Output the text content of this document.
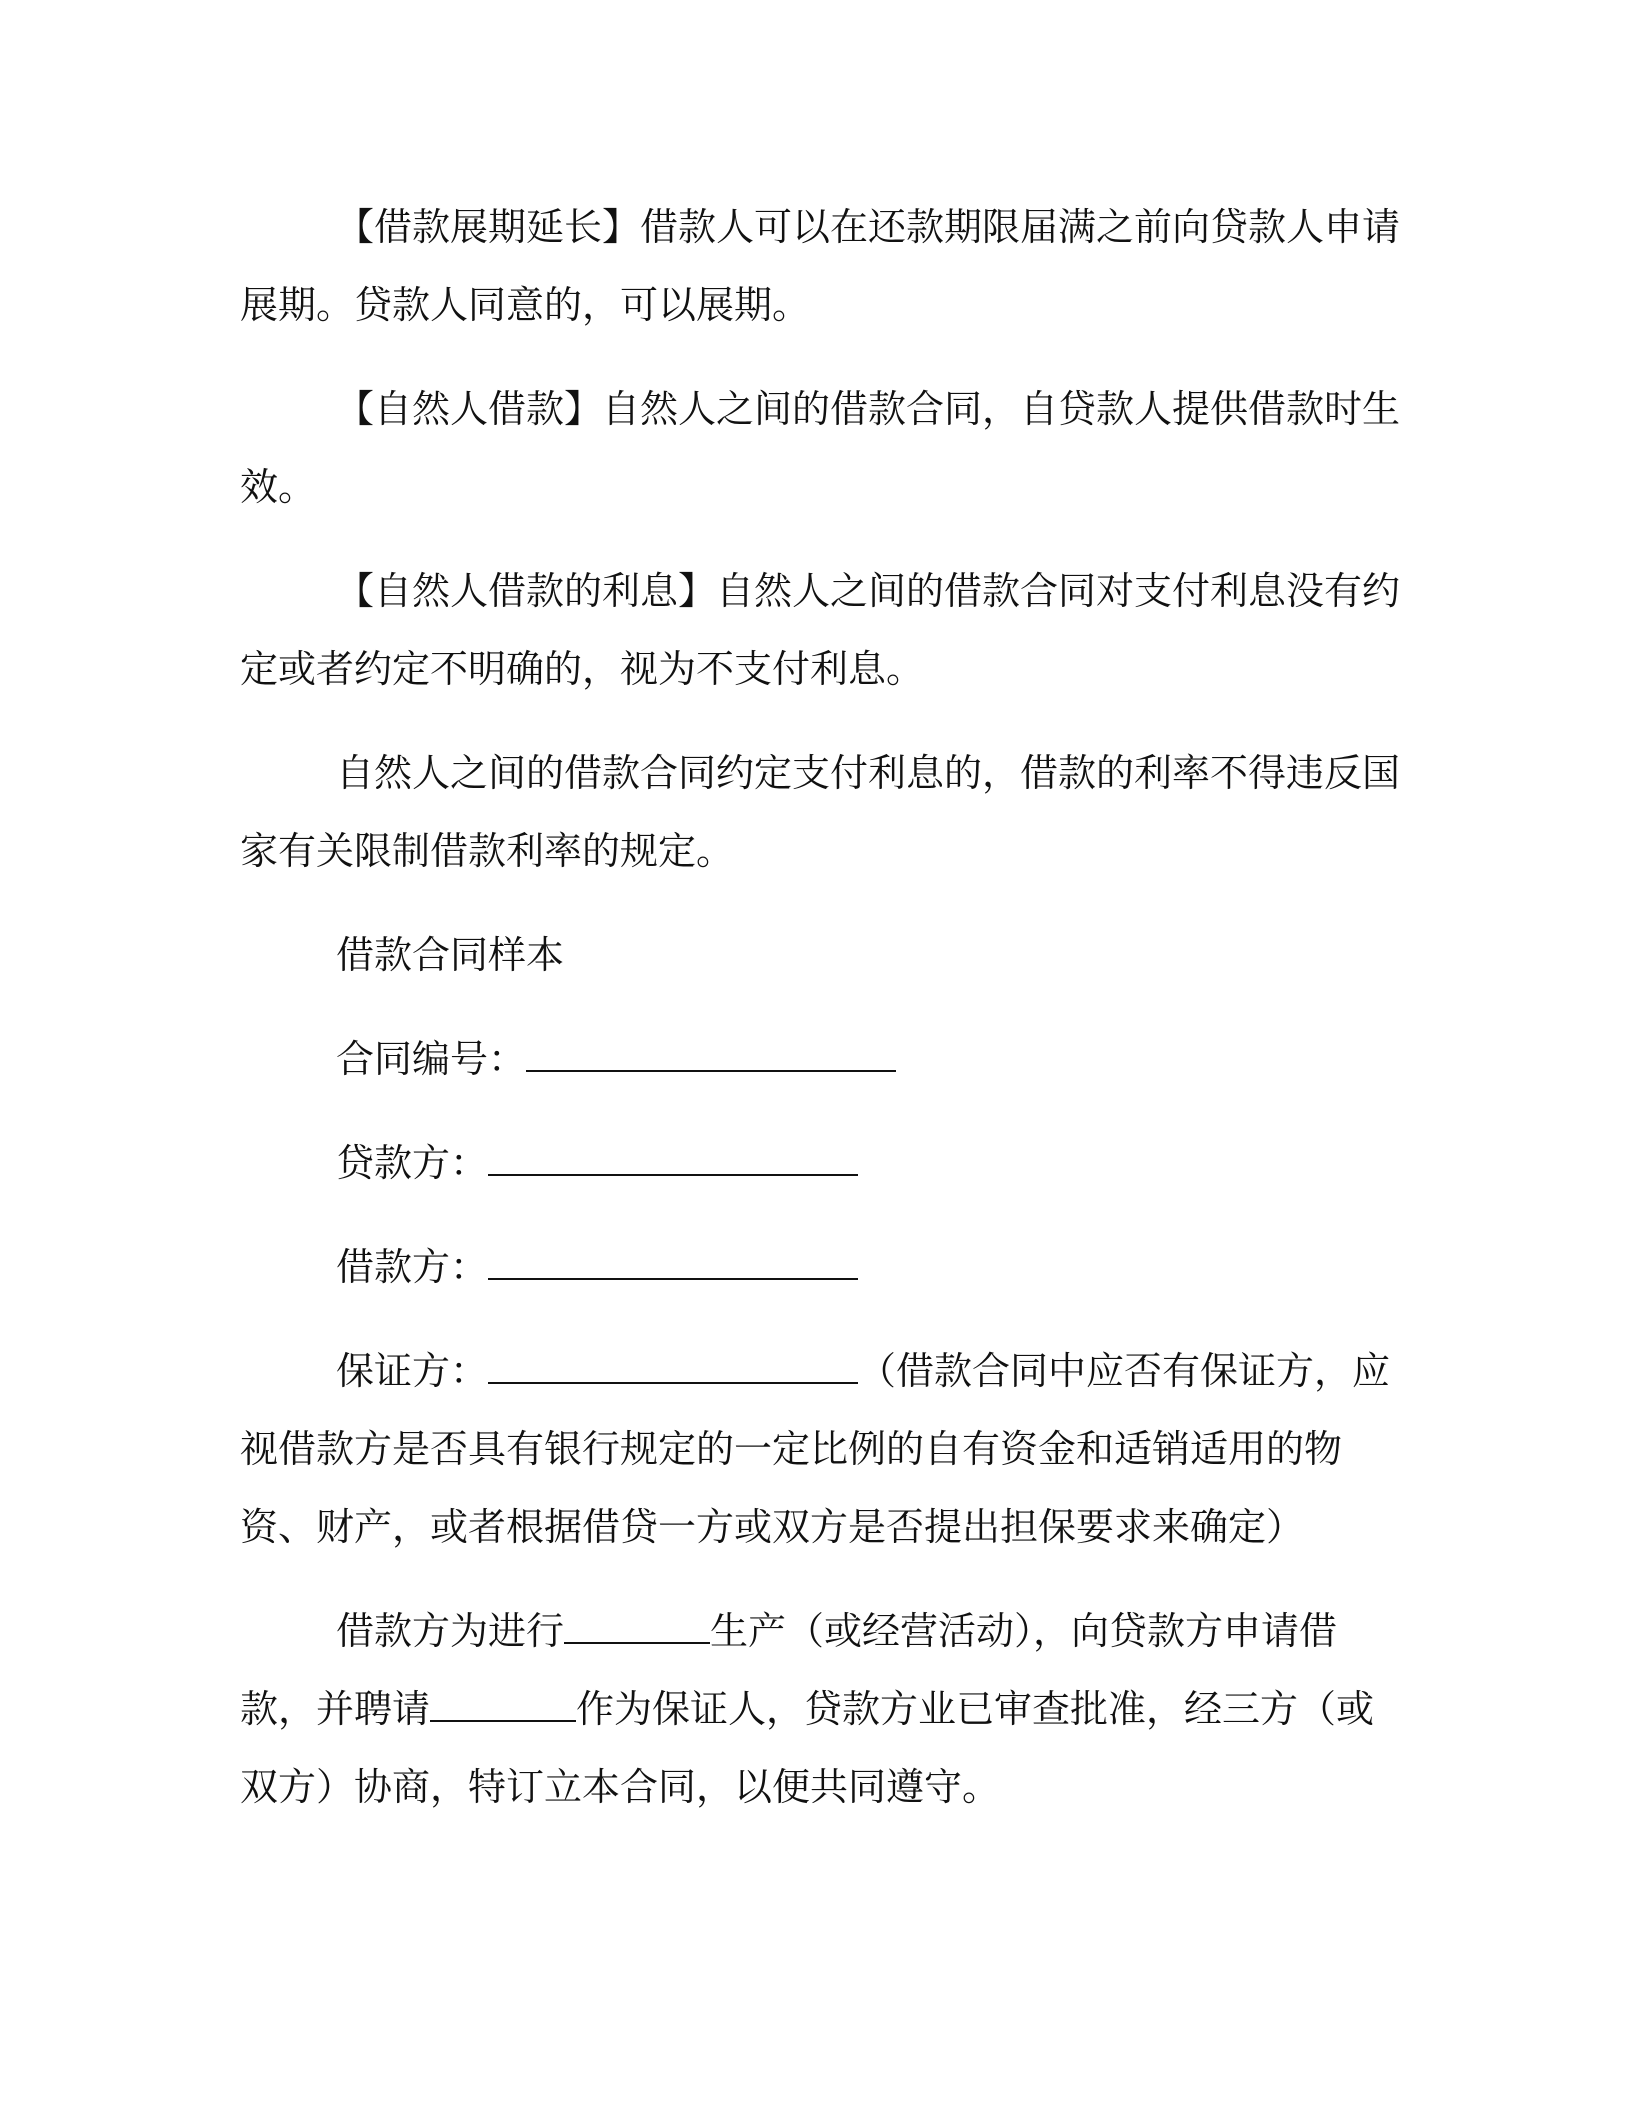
【借款展期延长】借款人可以在还款期限届满之前向贷款人申请展期。贷款人同意的，可以展期。

【自然人借款】自然人之间的借款合同，自贷款人提供借款时生效。

【自然人借款的利息】自然人之间的借款合同对支付利息没有约定或者约定不明确的，视为不支付利息。

自然人之间的借款合同约定支付利息的，借款的利率不得违反国家有关限制借款利率的规定。

借款合同样本

合同编号：

贷款方：

借款方：

保证方：	（借款合同中应否有保证方，应视借款方是否具有银行规定的一定比例的自有资金和适销适用的物资、财产，或者根据借贷一方或双方是否提出担保要求来确定）

借款方为进行	生产（或经营活动），向贷款方申请借款，并聘请	作为保证人，贷款方业已审查批准，经三方（或双方）协商，特订立本合同，以便共同遵守。
